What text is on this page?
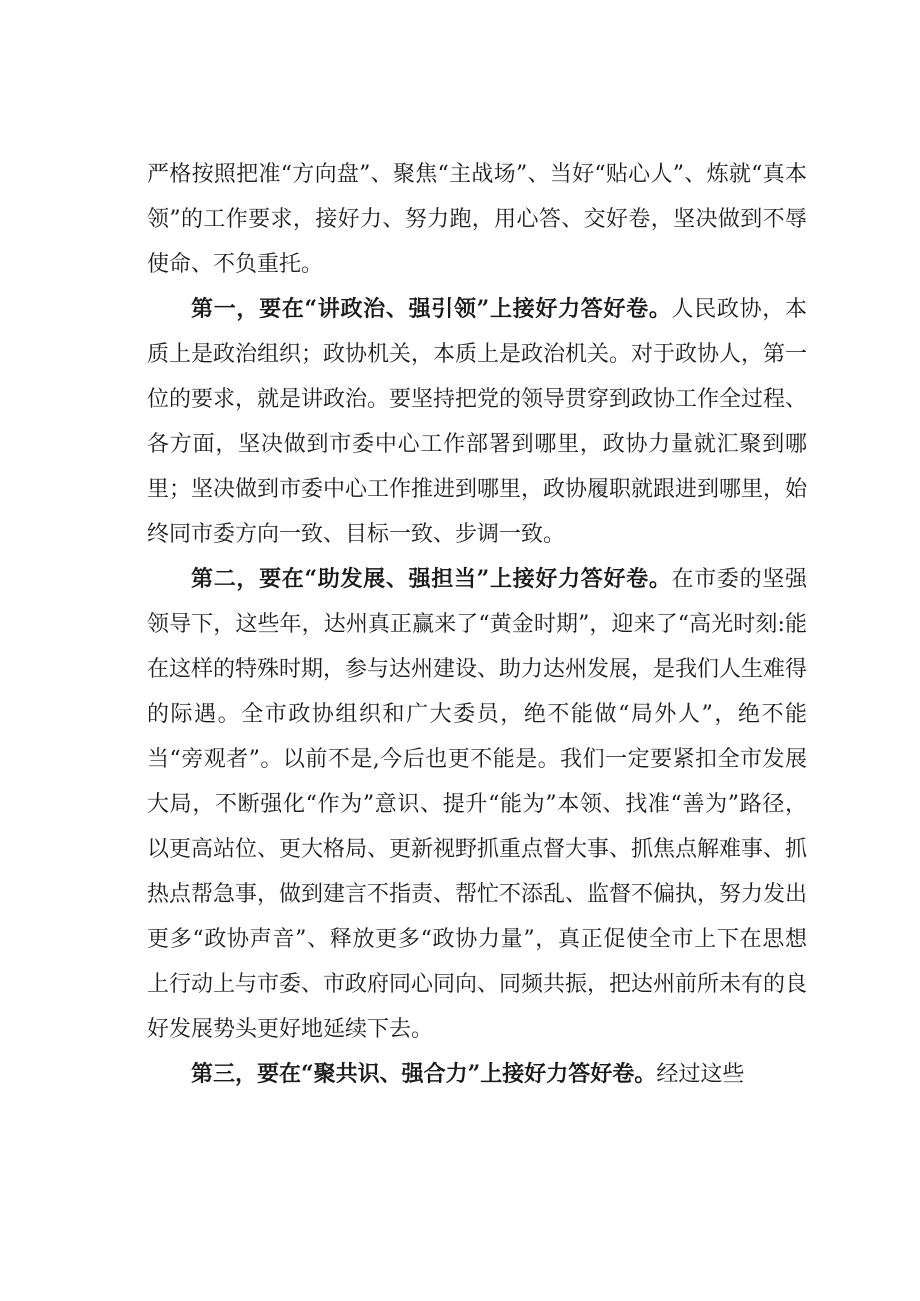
严格按照把准“方向盘”、聚焦“主战场”、当好“贴心人”、炼就“真本领”的工作要求，接好力、努力跑，用心答、交好卷，坚决做到不辱使命、不负重托。

第一，要在“讲政治、强引领”上接好力答好卷。人民政协，本质上是政治组织；政协机关，本质上是政治机关。对于政协人，第一位的要求，就是讲政治。要坚持把党的领导贯穿到政协工作全过程、各方面，坚决做到市委中心工作部署到哪里，政协力量就汇聚到哪里；坚决做到市委中心工作推进到哪里，政协履职就跟进到哪里，始终同市委方向一致、目标一致、步调一致。

第二，要在“助发展、强担当”上接好力答好卷。在市委的坚强领导下，这些年，达州真正赢来了“黄金时期”，迎来了“高光时刻:能在这样的特殊时期，参与达州建设、助力达州发展，是我们人生难得的际遇。全市政协组织和广大委员，绝不能做“局外人”，绝不能当“旁观者”。以前不是,今后也更不能是。我们一定要紧扣全市发展大局，不断强化“作为”意识、提升“能为”本领、找准“善为”路径，以更高站位、更大格局、更新视野抓重点督大事、抓焦点解难事、抓热点帮急事，做到建言不指责、帮忙不添乱、监督不偏执，努力发出更多“政协声音”、释放更多“政协力量”，真正促使全市上下在思想上行动上与市委、市政府同心同向、同频共振，把达州前所未有的良好发展势头更好地延续下去。

第三，要在“聚共识、强合力”上接好力答好卷。经过这些
